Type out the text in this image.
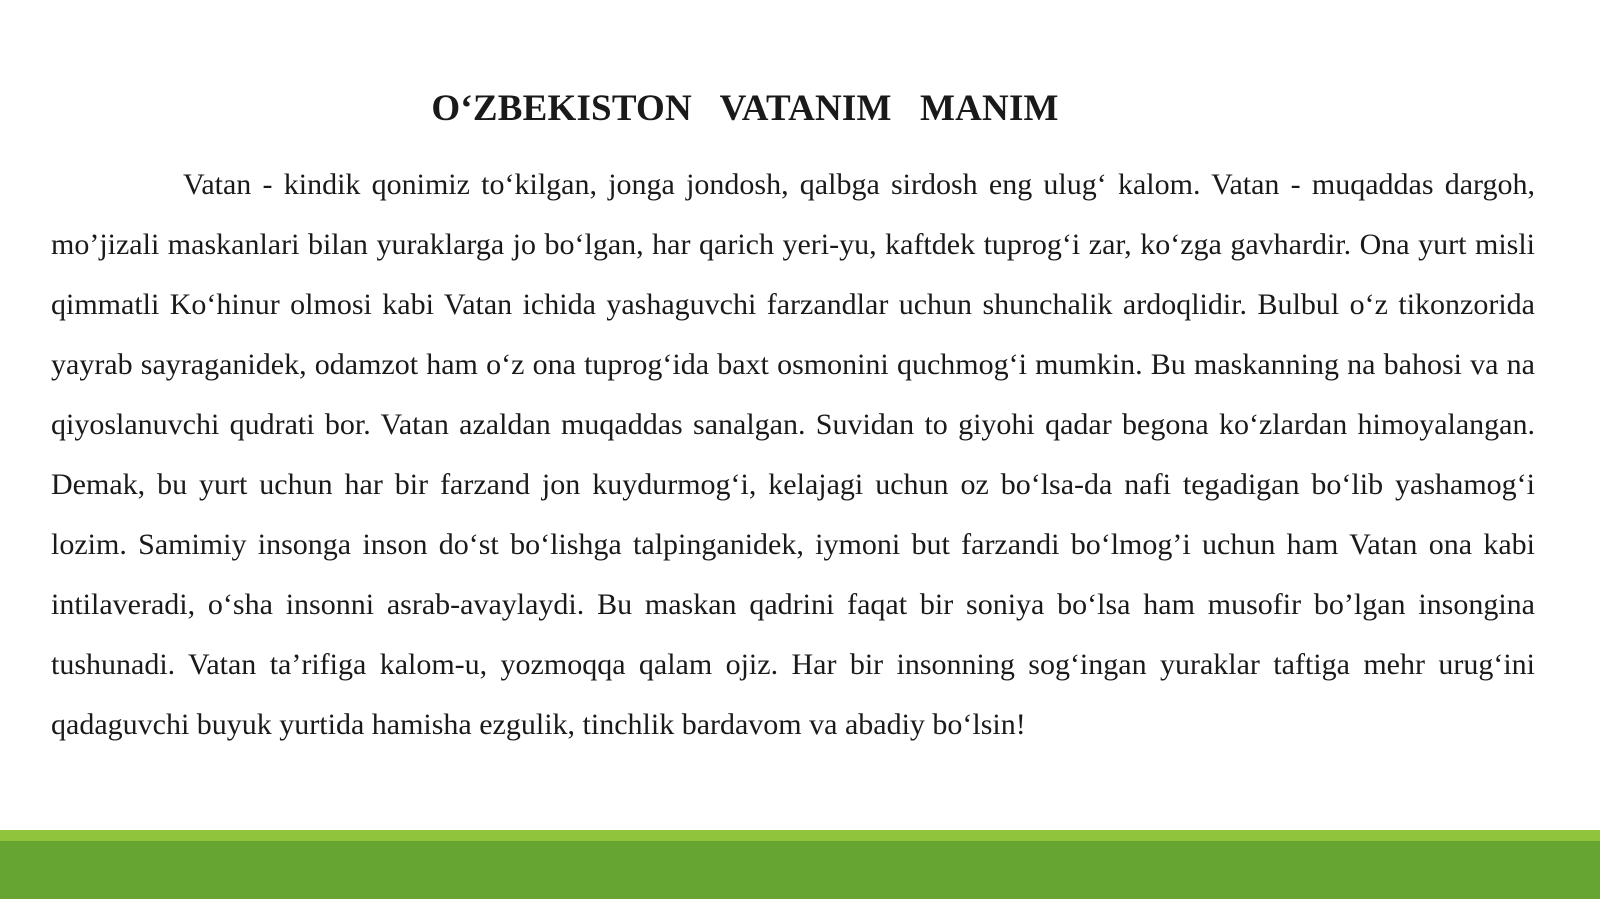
O‘ZBEKISTON   VATANIM   MANIM

Vatan - kindik qonimiz to‘kilgan, jonga jondosh, qalbga sirdosh eng ulug‘ kalom. Vatan - muqaddas dargoh, mo’jizali maskanlari bilan yuraklarga jo bo‘lgan, har qarich yeri-yu, kaftdek tuprog‘i zar, ko‘zga gavhardir. Ona yurt misli qimmatli Ko‘hinur olmosi kabi Vatan ichida yashaguvchi farzandlar uchun shunchalik ardoqlidir. Bulbul o‘z tikonzorida yayrab sayraganidek, odamzot ham o‘z ona tuprog‘ida baxt osmonini quchmog‘i mumkin. Bu maskanning na bahosi va na qiyoslanuvchi qudrati bor. Vatan azaldan muqaddas sanalgan. Suvidan to giyohi qadar begona ko‘zlardan himoyalangan. Demak, bu yurt uchun har bir farzand jon kuydurmog‘i, kelajagi uchun oz bo‘lsa-da nafi tegadigan bo‘lib yashamog‘i lozim. Samimiy insonga inson do‘st bo‘lishga talpinganidek, iymoni but farzandi bo‘lmog’i uchun ham Vatan ona kabi intilaveradi, o‘sha insonni asrab-avaylaydi. Bu maskan qadrini faqat bir soniya bo‘lsa ham musofir bo’lgan insongina tushunadi. Vatan ta’rifiga kalom-u, yozmoqqa qalam ojiz. Har bir insonning sog‘ingan yuraklar taftiga mehr urug‘ini qadaguvchi buyuk yurtida hamisha ezgulik, tinchlik bardavom va abadiy bo‘lsin!
